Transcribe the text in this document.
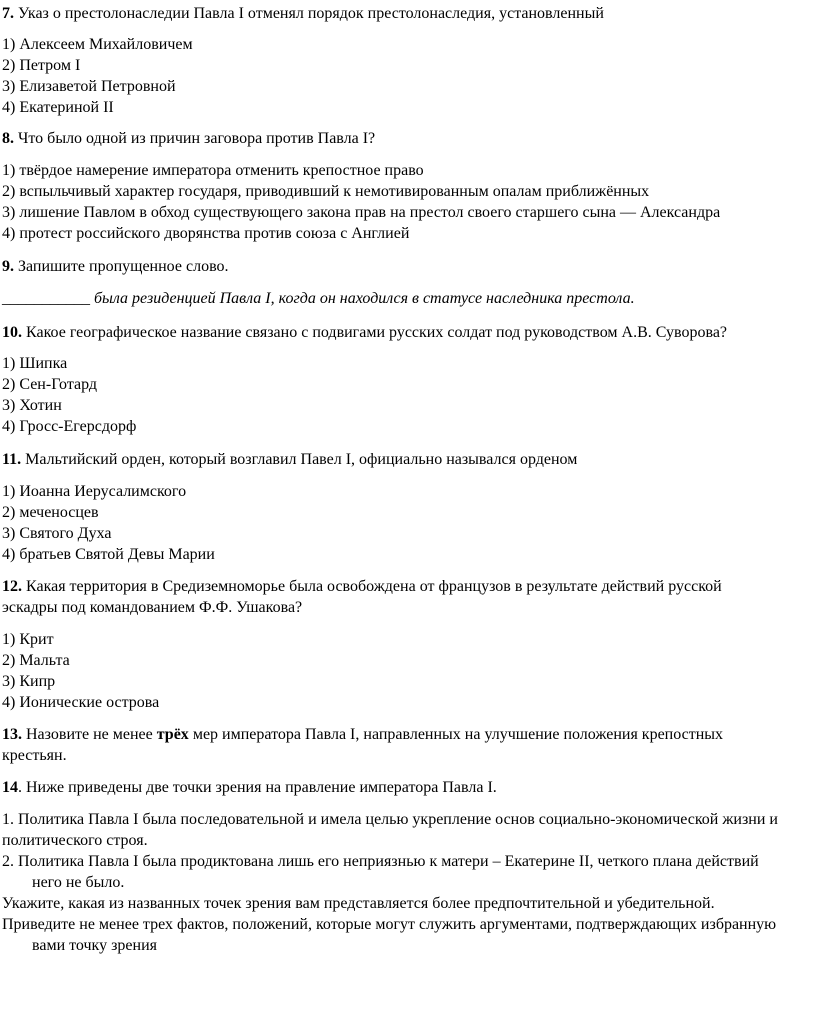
7. Указ о престолонаследии Павла I отменял порядок престолонаследия, установленный
1) Алексеем Михайловичем
2) Петром I
3) Елизаветой Петровной
4) Екатериной II
8. Что было одной из причин заговора против Павла I?
1) твёрдое намерение императора отменить крепостное право
2) вспыльчивый характер государя, приводивший к немотивированным опалам приближённых
3) лишение Павлом в обход существующего закона прав на престол своего старшего сына — Александра
4) протест российского дворянства против союза с Англией
9. Запишите пропущенное слово.
___________ была резиденцией Павла I, когда он находился в статусе наследника престола.
10. Какое географическое название связано с подвигами русских солдат под руководством А.В. Суворова?
1) Шипка
2) Сен-Готард
3) Хотин
4) Гросс-Егерсдорф
11. Мальтийский орден, который возглавил Павел I, официально назывался орденом
1) Иоанна Иерусалимского
2) меченосцев
3) Святого Духа
4) братьев Святой Девы Марии
12. Какая территория в Средиземноморье была освобождена от французов в результате действий русской
эскадры под командованием Ф.Ф. Ушакова?
1) Крит
2) Мальта
3) Кипр
4) Ионические острова
13. Назовите не менее трёх мер императора Павла I, направленных на улучшение положения крепостных
крестьян.
14. Ниже приведены две точки зрения на правление императора Павла I.
1. Политика Павла I была последовательной и имела целью укрепление основ социально-экономической жизни и
политического строя.
2. Политика Павла I была продиктована лишь его неприязнью к матери – Екатерине II, четкого плана действий
него не было.
Укажите, какая из названных точек зрения вам представляется более предпочтительной и убедительной.
Приведите не менее трех фактов, положений, которые могут служить аргументами, подтверждающих избранную
вами точку зрения
